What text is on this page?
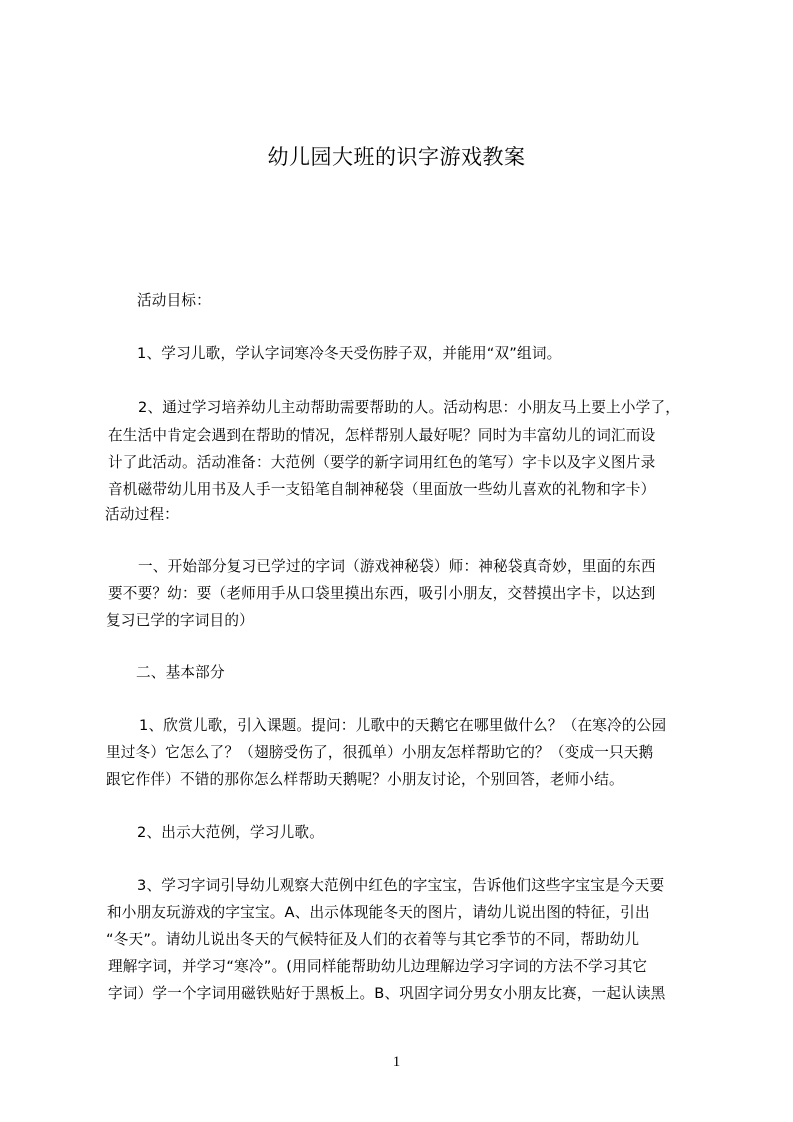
幼儿园大班的识字游戏教案
活动目标：
1、学习儿歌，学认字词寒冷冬天受伤脖子双，并能用“双”组词。
2、通过学习培养幼儿主动帮助需要帮助的人。活动构思：小朋友马上要上小学了，
在生活中肯定会遇到在帮助的情况，怎样帮别人最好呢？同时为丰富幼儿的词汇而设
计了此活动。活动准备：大范例（要学的新字词用红色的笔写）字卡以及字义图片录
音机磁带幼儿用书及人手一支铅笔自制神秘袋（里面放一些幼儿喜欢的礼物和字卡）
活动过程：
一、开始部分复习已学过的字词（游戏神秘袋）师：神秘袋真奇妙，里面的东西
要不要？幼：要（老师用手从口袋里摸出东西，吸引小朋友，交替摸出字卡，以达到
复习已学的字词目的）
二、基本部分
1、欣赏儿歌，引入课题。提问：儿歌中的天鹅它在哪里做什么？（在寒冷的公园
里过冬）它怎么了？（翅膀受伤了，很孤单）小朋友怎样帮助它的？（变成一只天鹅
跟它作伴）不错的那你怎么样帮助天鹅呢？小朋友讨论，个别回答，老师小结。
2、出示大范例，学习儿歌。
3、学习字词引导幼儿观察大范例中红色的字宝宝，告诉他们这些字宝宝是今天要
和小朋友玩游戏的字宝宝。A、出示体现能冬天的图片，请幼儿说出图的特征，引出
“冬天”。请幼儿说出冬天的气候特征及人们的衣着等与其它季节的不同，帮助幼儿
理解字词，并学习“寒冷”。(用同样能帮助幼儿边理解边学习字词的方法不学习其它
字词）学一个字词用磁铁贴好于黑板上。B、巩固字词分男女小朋友比赛，一起认读黑
1
